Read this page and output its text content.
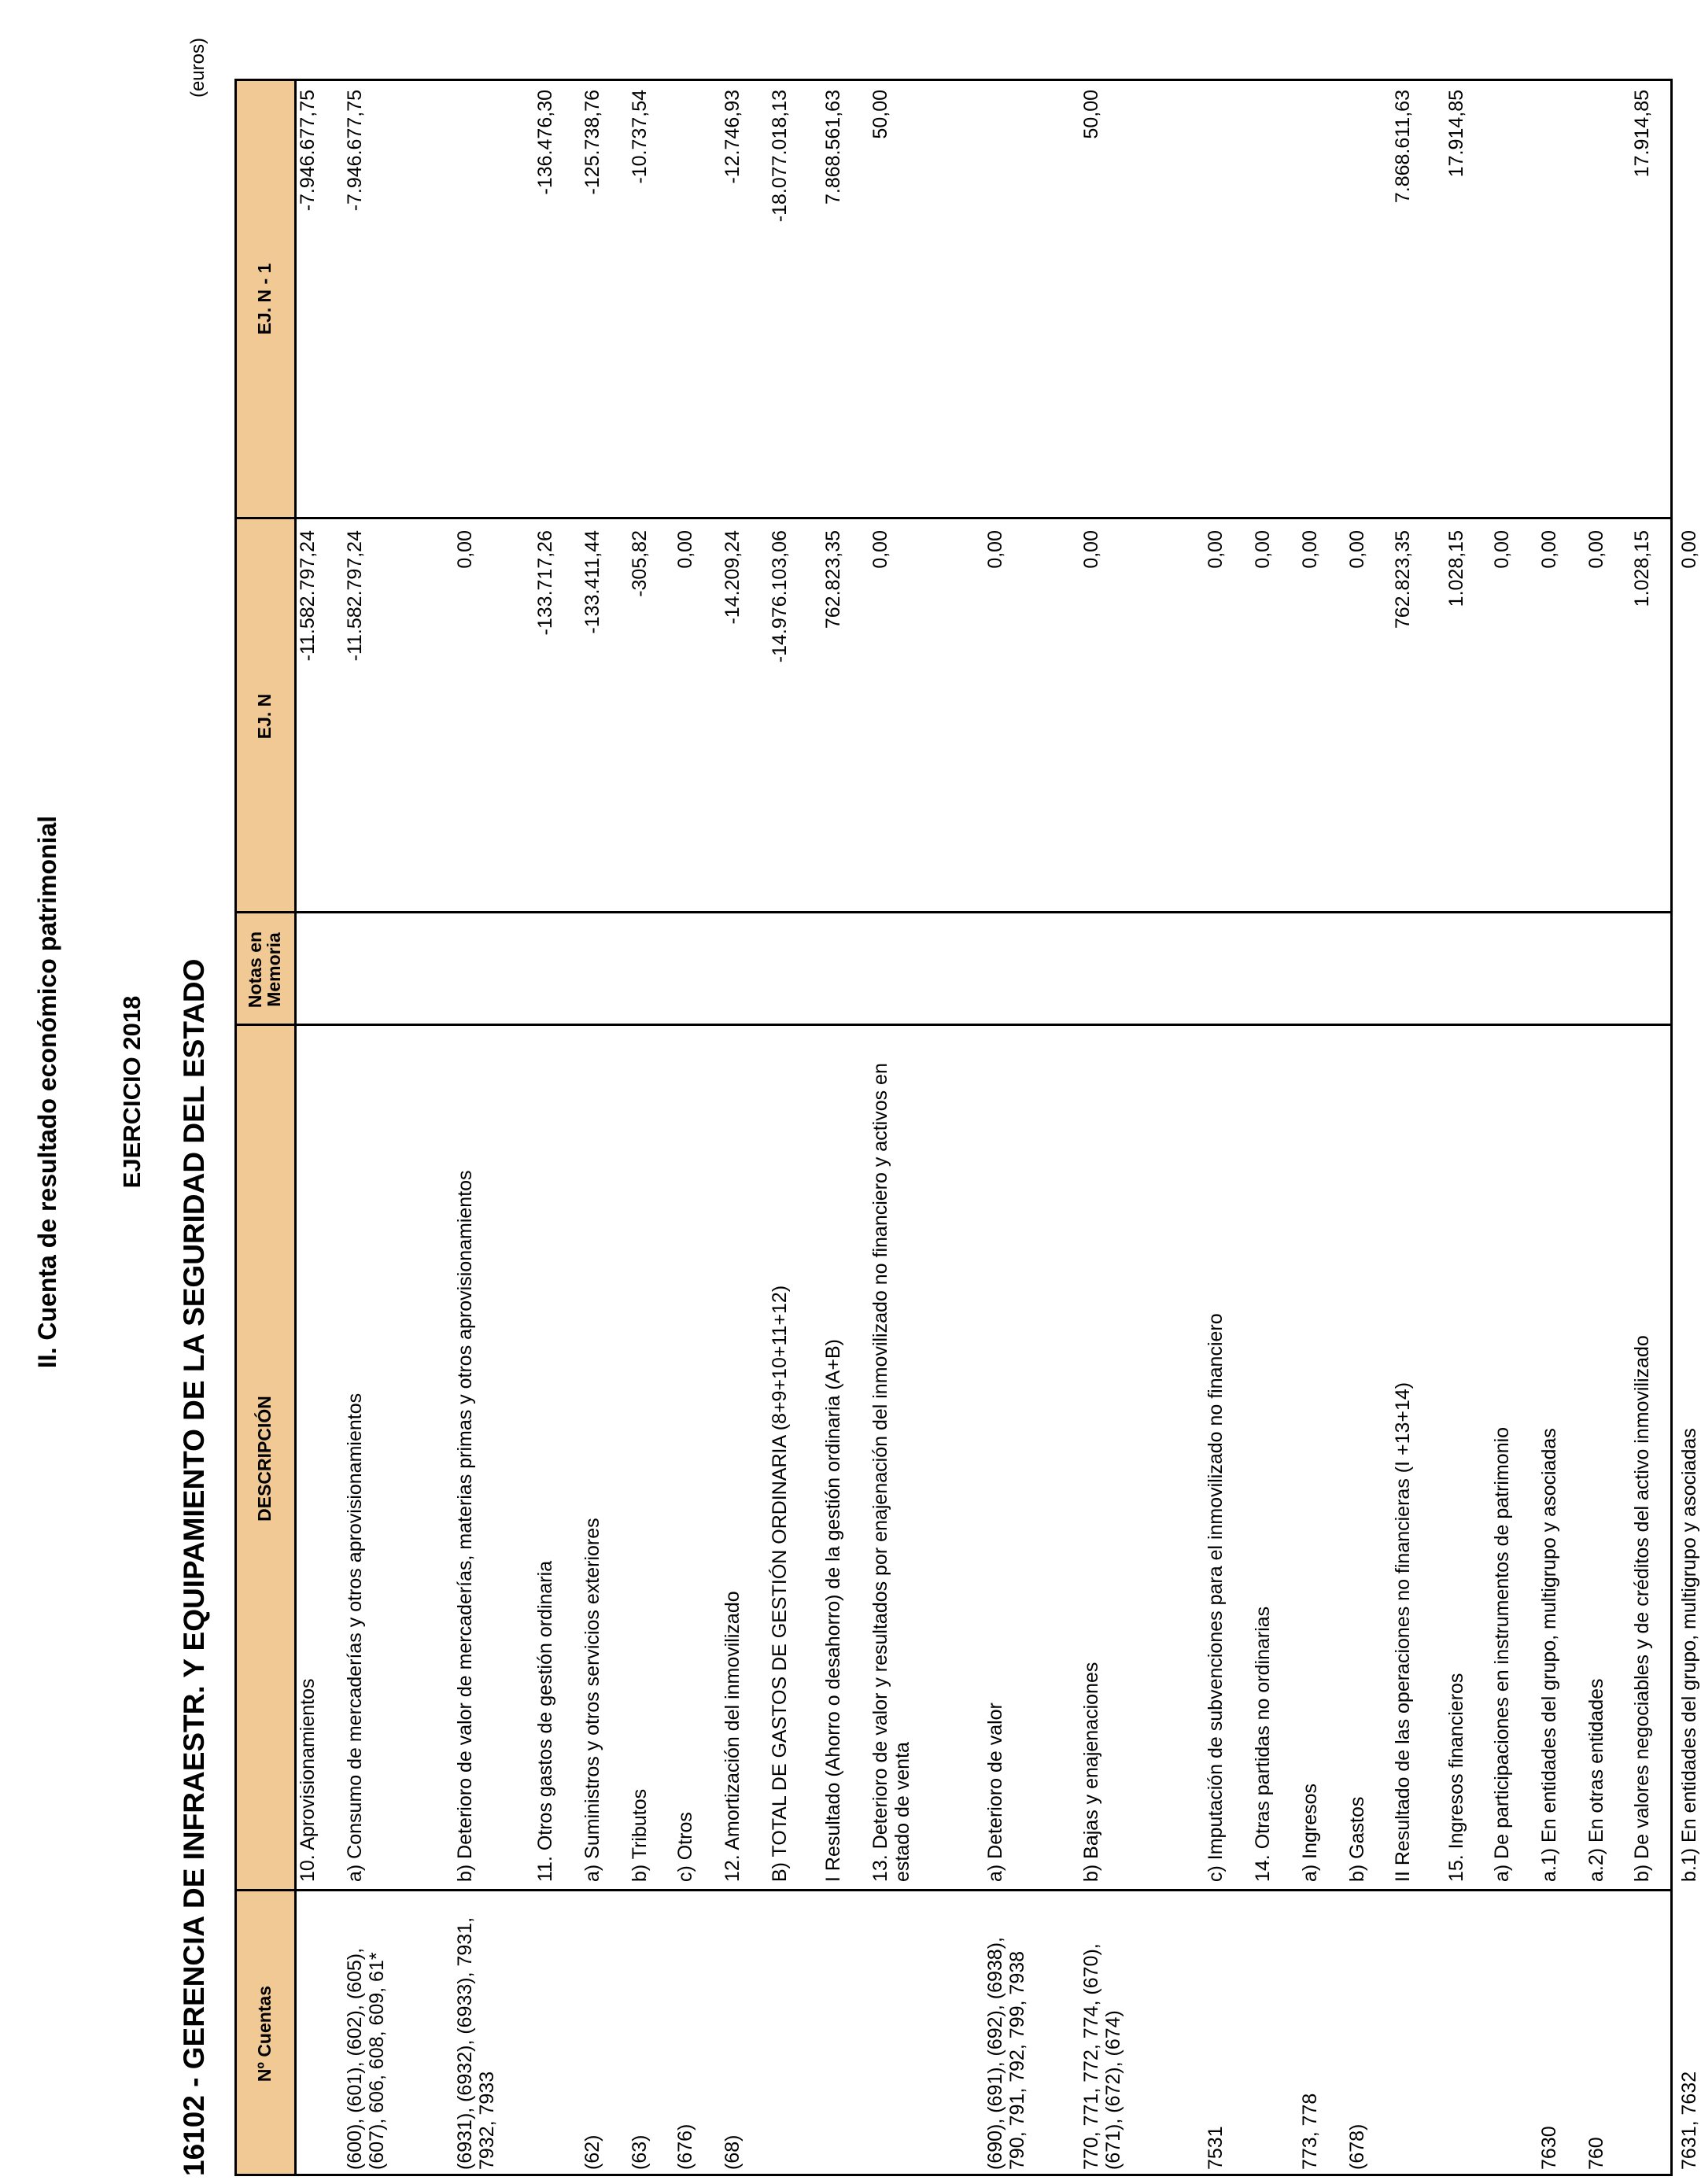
II. Cuenta de resultado económico patrimonial EJERCICIO 2018 16102 - GERENCIA DE INFRAESTR. Y EQUIPAMIENTO DE LA SEGURIDAD DEL ESTADO
(euros)
Nº Cuentas
DESCRIPCIÓN
Notas en Memoria
EJ. N
EJ. N - 1
10. Aprovisionamientos
-11.582.797,24
-7.946.677,75
(600), (601), (602), (605), (607), 606, 608, 609, 61*
a) Consumo de mercaderías y otros aprovisionamientos
-11.582.797,24
-7.946.677,75
(6931), (6932), (6933), 7931, 7932, 7933
b) Deterioro de valor de mercaderías, materias primas y otros aprovisionamientos
0,00
11. Otros gastos de gestión ordinaria
-133.717,26
-136.476,30
(62)
a) Suministros y otros servicios exteriores
-133.411,44
-125.738,76
(63)
b) Tributos
-305,82
-10.737,54
(676)
c) Otros
0,00
(68)
12. Amortización del inmovilizado
-14.209,24
-12.746,93
B) TOTAL DE GASTOS DE GESTIÓN ORDINARIA (8+9+10+11+12)
-14.976.103,06
-18.077.018,13
I Resultado (Ahorro o desahorro) de la gestión ordinaria (A+B)
762.823,35
7.868.561,63
13. Deterioro de valor y resultados por enajenación del inmovilizado no financiero y activos en estado de venta
0,00
50,00
(690), (691), (692), (6938), 790, 791, 792, 799, 7938
a) Deterioro de valor
0,00
770, 771, 772, 774, (670), (671), (672), (674)
b) Bajas y enajenaciones
0,00
50,00
7531
c) Imputación de subvenciones para el inmovilizado no financiero
0,00
14. Otras partidas no ordinarias
0,00
773, 778
a) Ingresos
0,00
(678)
b) Gastos
0,00
II Resultado de las operaciones no financieras (I +13+14)
762.823,35
7.868.611,63
15. Ingresos financieros
1.028,15
17.914,85
a) De participaciones en instrumentos de patrimonio
0,00
7630
a.1) En entidades del grupo, multigrupo y asociadas
0,00
760
a.2) En otras entidades
0,00
b) De valores negociables y de créditos del activo inmovilizado
1.028,15
17.914,85
7631, 7632
b.1) En entidades del grupo, multigrupo y asociadas
0,00
